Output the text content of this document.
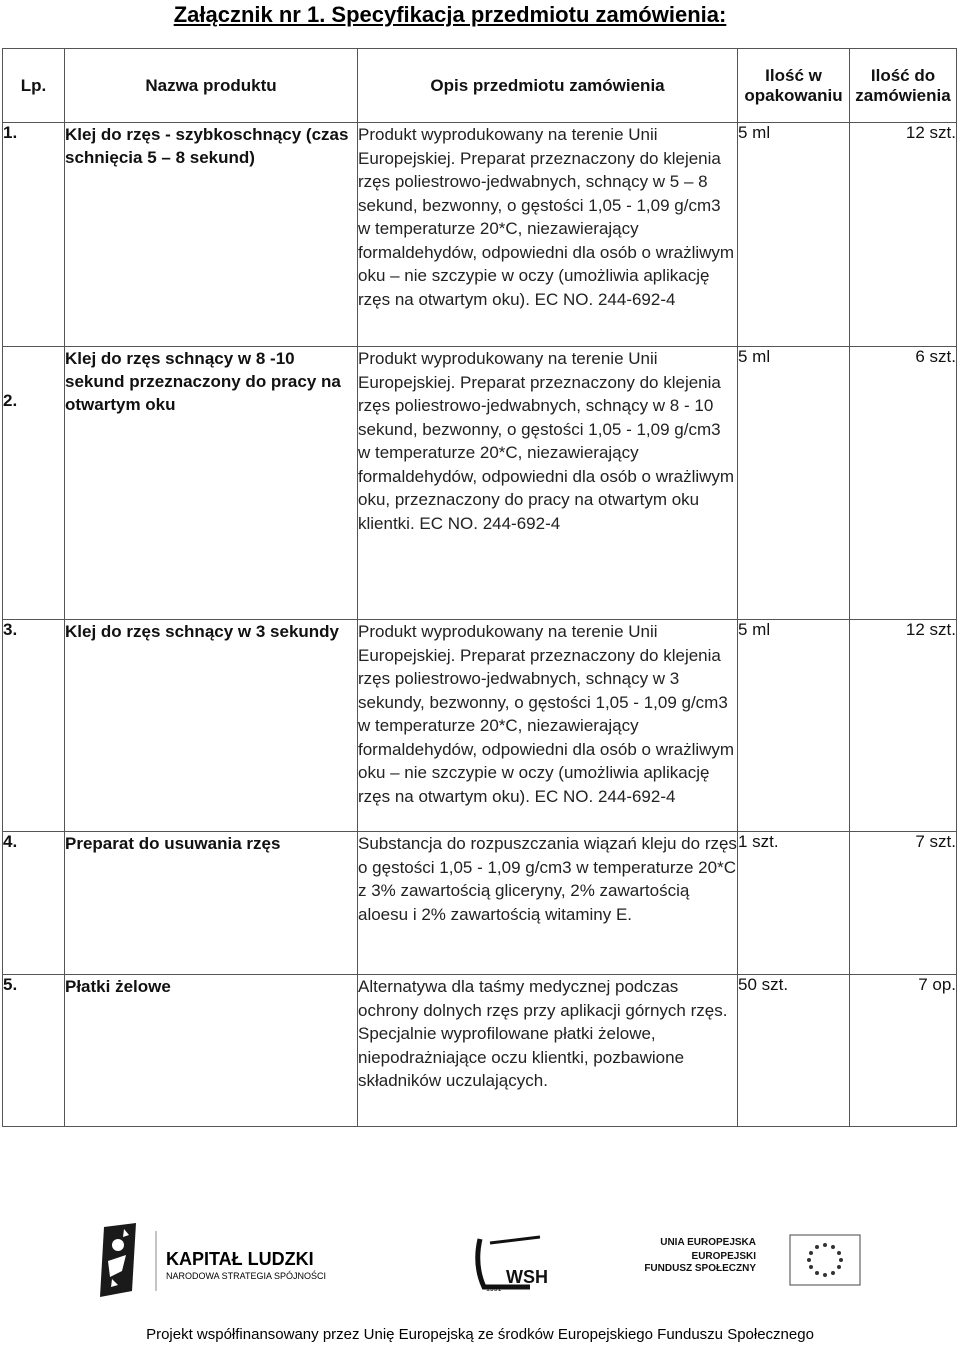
Załącznik nr 1. Specyfikacja przedmiotu zamówienia:
Lp.	Nazwa produktu	Opis przedmiotu zamówienia	Ilość w opakowaniu	Ilość do zamówienia
1.	Klej do rzęs - szybkoschnący (czas schnięcia 5 – 8 sekund)	Produkt wyprodukowany na terenie Unii Europejskiej. Preparat przeznaczony do klejenia rzęs poliestrowo-jedwabnych, schnący w 5 – 8 sekund, bezwonny, o gęstości 1,05 - 1,09 g/cm3 w temperaturze 20*C, niezawierający formaldehydów, odpowiedni dla osób o wrażliwym oku – nie szczypie w oczy (umożliwia aplikację rzęs na otwartym oku). EC NO. 244-692-4	5 ml	12 szt.
2.	Klej do rzęs schnący w 8 -10 sekund przeznaczony do pracy na otwartym oku	Produkt wyprodukowany na terenie Unii Europejskiej. Preparat przeznaczony do klejenia rzęs poliestrowo-jedwabnych, schnący w 8 - 10 sekund, bezwonny, o gęstości 1,05 - 1,09 g/cm3 w temperaturze 20*C, niezawierający formaldehydów, odpowiedni dla osób o wrażliwym oku, przeznaczony do pracy na otwartym oku klientki. EC NO. 244-692-4	5 ml	6 szt.
3.	Klej do rzęs schnący w 3 sekundy	Produkt wyprodukowany na terenie Unii Europejskiej. Preparat przeznaczony do klejenia rzęs poliestrowo-jedwabnych, schnący w 3 sekundy, bezwonny, o gęstości 1,05 - 1,09 g/cm3 w temperaturze 20*C, niezawierający formaldehydów, odpowiedni dla osób o wrażliwym oku – nie szczypie w oczy (umożliwia aplikację rzęs na otwartym oku). EC NO. 244-692-4	5 ml	12 szt.
4.	Preparat do usuwania rzęs	Substancja do rozpuszczania wiązań kleju do rzęs o gęstości 1,05 - 1,09 g/cm3 w temperaturze 20*C z 3% zawartością gliceryny, 2% zawartością aloesu i 2% zawartością witaminy E.	1 szt.	7 szt.
5.	Płatki żelowe	Alternatywa dla taśmy medycznej podczas ochrony dolnych rzęs przy aplikacji górnych rzęs. Specjalnie wyprofilowane płatki żelowe, niepodrażniające oczu klientki, pozbawione składników uczulających.	50 szt.	7 op.
KAPITAŁ LUDZKI
NARODOWA STRATEGIA SPÓJNOŚCI	WSH
1991
UNIA EUROPEJSKA
EUROPEJSKI
FUNDUSZ SPOŁECZNY
Projekt współfinansowany przez Unię Europejską ze środków Europejskiego Funduszu Społecznego
